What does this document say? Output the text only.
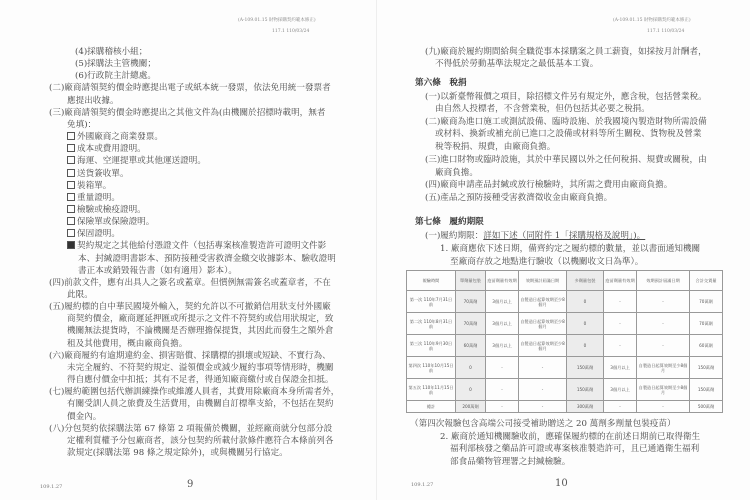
(A-109.01.15 財物採購契約範本修正)
117.1 110/03/24
(4)採購稽核小組；
(5)採購法主管機關；
(6)行政院主計總處。
(二)廠商請領契約價金時應提出電子或紙本統一發票，依法免用統一發票者
應提出收據。
(三)廠商請領契約價金時應提出之其他文件為(由機關於招標時載明，無者
免填)：
外國廠商之商業發票。
成本或費用證明。
海運、空運提單或其他運送證明。
送貨簽收單。
裝箱單。
重量證明。
檢驗或檢疫證明。
保險單或保險證明。
保固證明。
契約規定之其他給付憑證文件（包括專案核准製造許可證明文件影
本、封緘證明書影本、預防接種受害救濟金繳交收據影本、驗收證明
書正本或銷毀報告書（如有適用）影本）。
(四)前款文件，應有出具人之簽名或蓋章。但慣例無需簽名或蓋章者，不在
此限。
(五)履約標的自中華民國境外輸入，契約允許以不可撤銷信用狀支付外國廠
商契約價金，廠商遲延押匯或所提示之文件不符契約或信用狀規定，致
機關無法提貨時，不論機關是否辦理擔保提貨，其因此而發生之額外倉
租及其他費用，概由廠商負擔。
(六)廠商履約有逾期違約金、損害賠償、採購標的損壞或短缺、不實行為、
未完全履約、不符契約規定、溢領價金或減少履約事項等情形時，機關
得自應付價金中扣抵；其有不足者，得通知廠商繳付或自保證金扣抵。
(七)履約範圍包括代辦訓練操作或維護人員者，其費用除廠商本身所需者外，
有關受訓人員之旅費及生活費用，由機關自訂標準支給，不包括在契約
價金內。
(八)分包契約依採購法第 67 條第 2 項報備於機關，並經廠商就分包部分設
定權利質權予分包廠商者，該分包契約所載付款條件應符合本條前列各
款規定(採購法第 98 條之規定除外)，或與機關另行協定。
109.1.27	9
(A-109.01.15 財物採購契約範本修正)
117.1 110/03/24
(九)廠商於履約期間給與全職從事本採購案之員工薪資，如採按月計酬者，
不得低於勞動基準法規定之最低基本工資。
第六條　稅捐
(一)以新臺幣報價之項目，除招標文件另有規定外，應含稅，包括營業稅。
由自然人投標者，不含營業稅，但仍包括其必要之稅捐。
(二)廠商為進口施工或測試設備、臨時設施、於我國境內製造財物所需設備
或材料、換新或補充前已進口之設備或材料等所生關稅、貨物稅及營業
稅等稅捐、規費，由廠商負擔。
(三)進口財物或臨時設施，其於中華民國以外之任何稅捐、規費或關稅，由
廠商負擔。
(四)廠商申請產品封緘或放行檢驗時，其所需之費用由廠商負擔。
(五)產品之預防接種受害救濟徵收金由廠商負擔。
第七條　履約期限
(一)履約期限：詳如下述（同附件 1「採購規格及說明」)。
1. 廠商應依下述日期，備齊約定之履約標的數量，並以書面通知機關
至廠商存放之地點進行驗收（以機關收文日為準）。
（第四次報驗包含高端公司接受補助贈送之 20 萬劑多劑量包裝疫苗）
2. 廠商於通知機關驗收前，應確保履約標的在前述日期前已取得衛生
福利部核發之藥品許可證或專案核准製造許可，且已通過衛生福利
部食品藥物管理署之封緘檢驗。
報驗時間	單劑量包裝	疫苗劑量有效期	效期預計屆滿日期	多劑量包裝	疫苗劑量有效期	效期預計屆滿日期	合計交貨量
第一次 110年7月31日前	70萬劑	3個月以上	自製造日起算效期至少8個月	0	-	-	70萬劑
第二次 110年8月31日前	70萬劑	3個月以上	自製造日起算效期至少8個月	0	-	-	70萬劑
第三次 110年9月30日前	60萬劑	3個月以上	自製造日起算效期至少8個月	0	-	-	60萬劑
第四次 110年10月15日前	0	-	-	150萬劑	3個月以上	自製造日起算效期至少8個月	150萬劑
第五次 110年11月15日前	0	-	-	150萬劑	3個月以上	自製造日起算效期至少8個月	150萬劑
總計	200萬劑	-	-	300萬劑	-	-	500萬劑
109.1.27	10
